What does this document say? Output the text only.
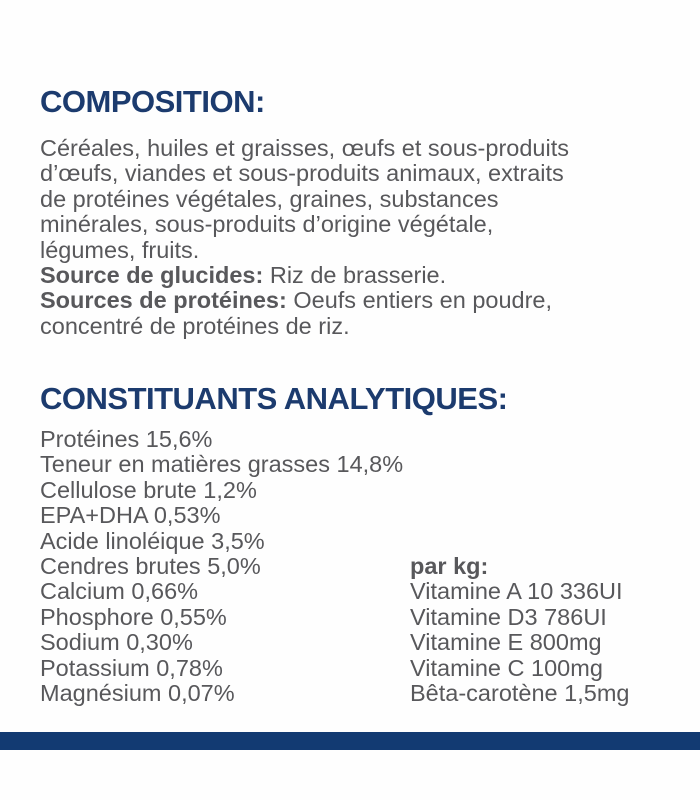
COMPOSITION:
Céréales, huiles et graisses, œufs et sous-produits
d’œufs, viandes et sous-produits animaux, extraits
de protéines végétales, graines, substances
minérales, sous-produits d’origine végétale,
légumes, fruits.
Source de glucides: Riz de brasserie.
Sources de protéines: Oeufs entiers en poudre,
concentré de protéines de riz.
CONSTITUANTS ANALYTIQUES:
Protéines 15,6%
Teneur en matières grasses 14,8%
Cellulose brute 1,2%
EPA+DHA 0,53%
Acide linoléique 3,5%
Cendres brutes 5,0%
Calcium 0,66%
Phosphore 0,55%
Sodium 0,30%
Potassium 0,78%
Magnésium 0,07%
par kg:
Vitamine A 10 336UI
Vitamine D3 786UI
Vitamine E 800mg
Vitamine C 100mg
Bêta-carotène 1,5mg
